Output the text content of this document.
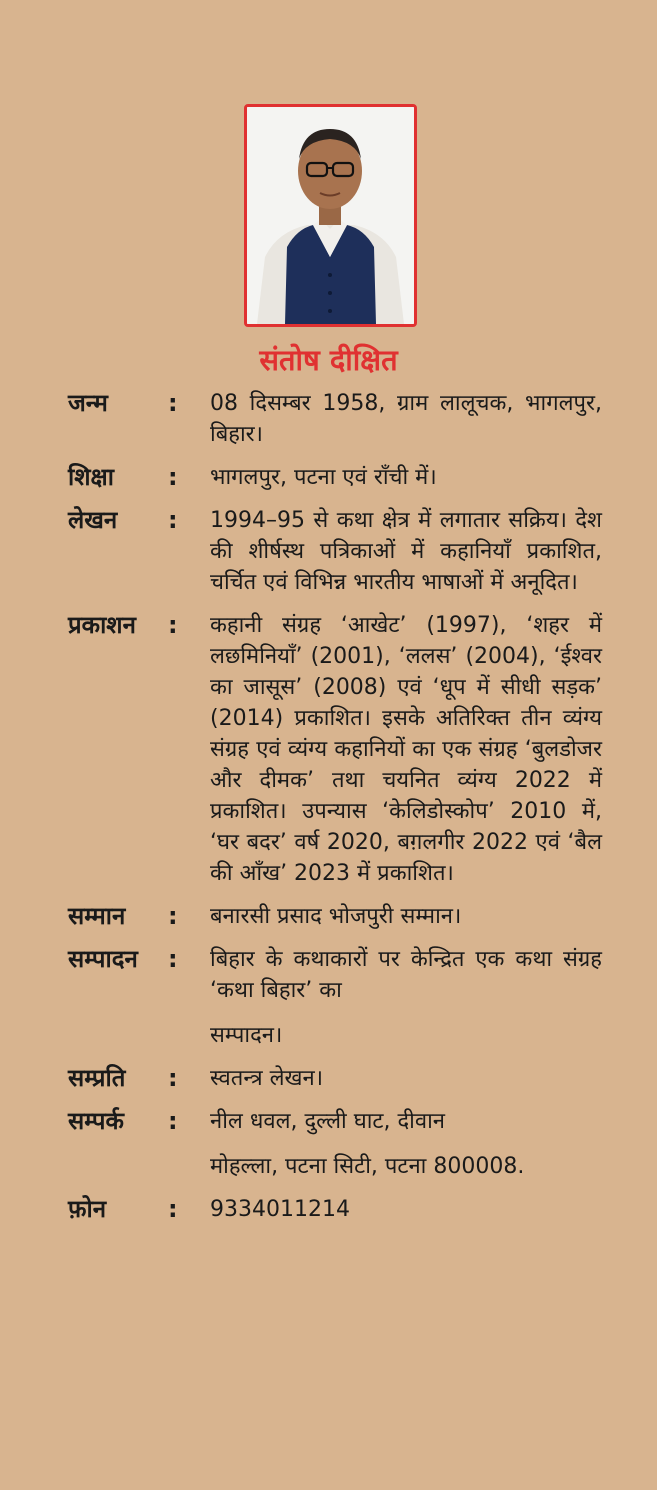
संतोष दीक्षित
जन्म	:	08 दिसम्बर 1958, ग्राम लालूचक, भागलपुर, बिहार।
शिक्षा	:	भागलपुर, पटना एवं राँची में।
लेखन	:	1994–95 से कथा क्षेत्र में लगातार सक्रिय। देश की शीर्षस्थ पत्रिकाओं में कहानियाँ प्रकाशित, चर्चित एवं विभिन्न भारतीय भाषाओं में अनूदित।
प्रकाशन	:	कहानी संग्रह ‘आखेट’ (1997), ‘शहर में लछमिनियाँ’ (2001), ‘ललस’ (2004), ‘ईश्वर का जासूस’ (2008) एवं ‘धूप में सीधी सड़क’ (2014) प्रकाशित। इसके अतिरिक्त तीन व्यंग्य संग्रह एवं व्यंग्य कहानियों का एक संग्रह ‘बुलडोजर और दीमक’ तथा चयनित व्यंग्य 2022 में प्रकाशित। उपन्यास ‘केलिडोस्कोप’ 2010 में, ‘घर बदर’ वर्ष 2020, बग़लगीर 2022 एवं ‘बैल की आँख’ 2023 में प्रकाशित।
सम्मान	:	बनारसी प्रसाद भोजपुरी सम्मान।
सम्पादन	:	बिहार के कथाकारों पर केन्द्रित एक कथा संग्रह ‘कथा बिहार’ का
सम्पादन।
सम्प्रति	:	स्वतन्त्र लेखन।
सम्पर्क	:	नील धवल, दुल्ली घाट, दीवान
मोहल्ला, पटना सिटी, पटना 800008.
फ़ोन	:	9334011214
